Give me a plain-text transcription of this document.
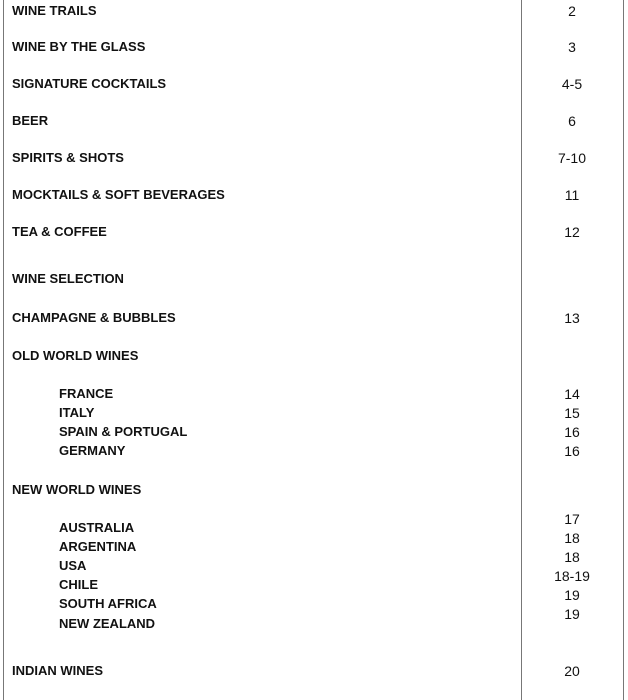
WINE TRAILS
WINE BY THE GLASS
SIGNATURE COCKTAILS
BEER
SPIRITS & SHOTS
MOCKTAILS & SOFT BEVERAGES
TEA & COFFEE
WINE SELECTION
CHAMPAGNE & BUBBLES
OLD WORLD WINES
FRANCE
ITALY
SPAIN & PORTUGAL
GERMANY
NEW WORLD WINES
AUSTRALIA
ARGENTINA
USA
CHILE
SOUTH AFRICA
NEW ZEALAND
INDIAN WINES
2
3
4-5
6
7-10
11
12
13
14
15
16
16
17
18
18
18-19
19
19
20
